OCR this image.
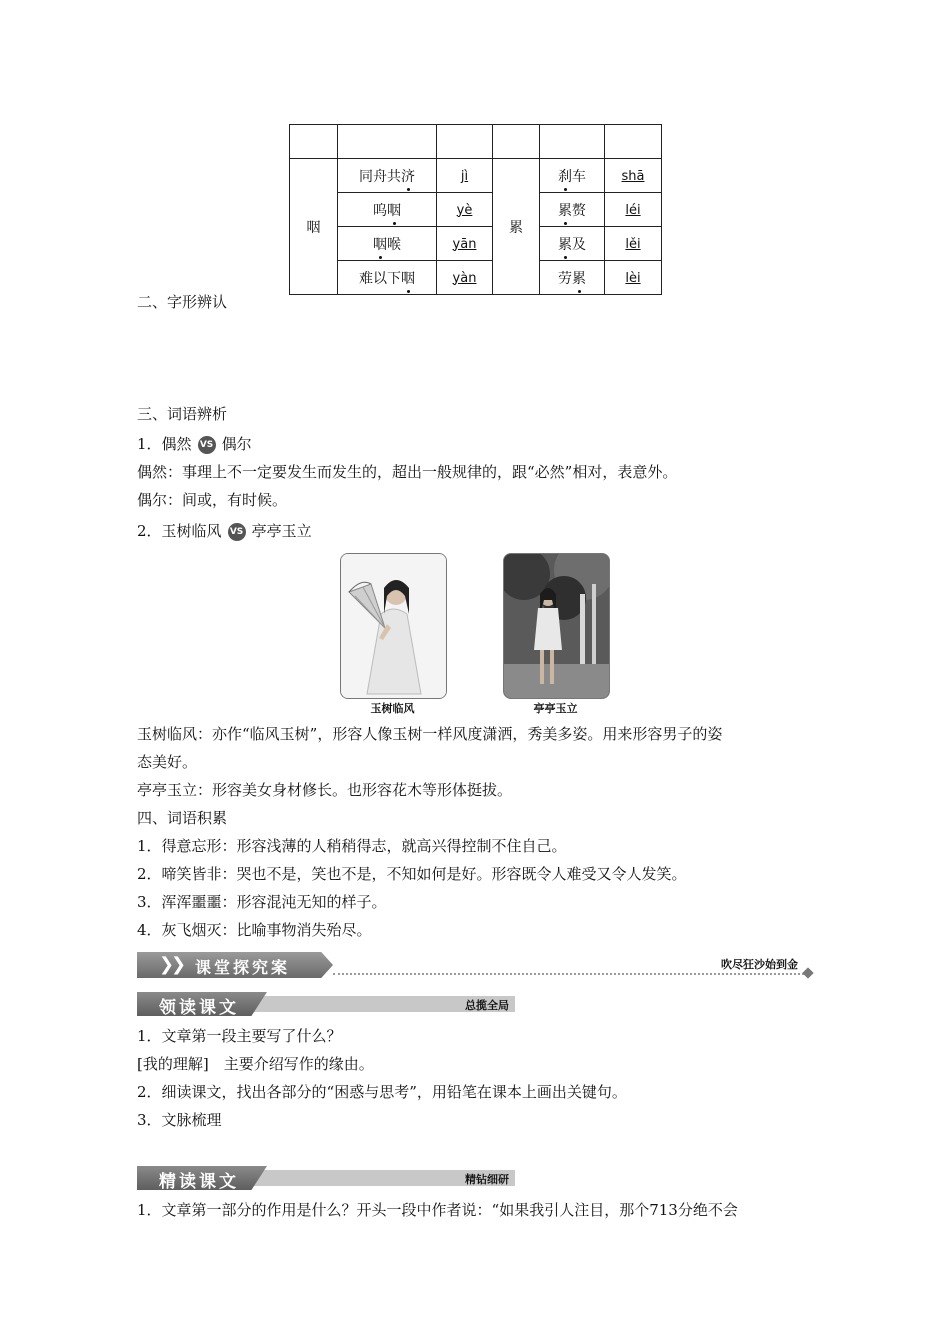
咽	同舟共济	jì	累	刹车	shā
	呜咽	yè		累赘	léi
	咽喉	yān		累及	lěi
	难以下咽	yàn		劳累	lèi
二、字形辨认
三、词语辨析
1．偶然 VS 偶尔
偶然：事理上不一定要发生而发生的，超出一般规律的，跟“必然”相对，表意外。
偶尔：间或，有时候。
2．玉树临风 VS 亭亭玉立
玉树临风	亭亭玉立
玉树临风：亦作“临风玉树”，形容人像玉树一样风度潇洒，秀美多姿。用来形容男子的姿
态美好。
亭亭玉立：形容美女身材修长。也形容花木等形体挺拔。
四、词语积累
1．得意忘形：形容浅薄的人稍稍得志，就高兴得控制不住自己。
2．啼笑皆非：哭也不是，笑也不是，不知如何是好。形容既令人难受又令人发笑。
3．浑浑噩噩：形容混沌无知的样子。
4．灰飞烟灭：比喻事物消失殆尽。
❯
❯ 课堂探究案	吹尽狂沙始到金
领读课文	总揽全局
1．文章第一段主要写了什么？
[我的理解]　主要介绍写作的缘由。
2．细读课文，找出各部分的“困惑与思考”，用铅笔在课本上画出关键句。
3．文脉梳理
精读课文	精钻细研
1．文章第一部分的作用是什么？开头一段中作者说：“如果我引人注目，那个713分绝不会
